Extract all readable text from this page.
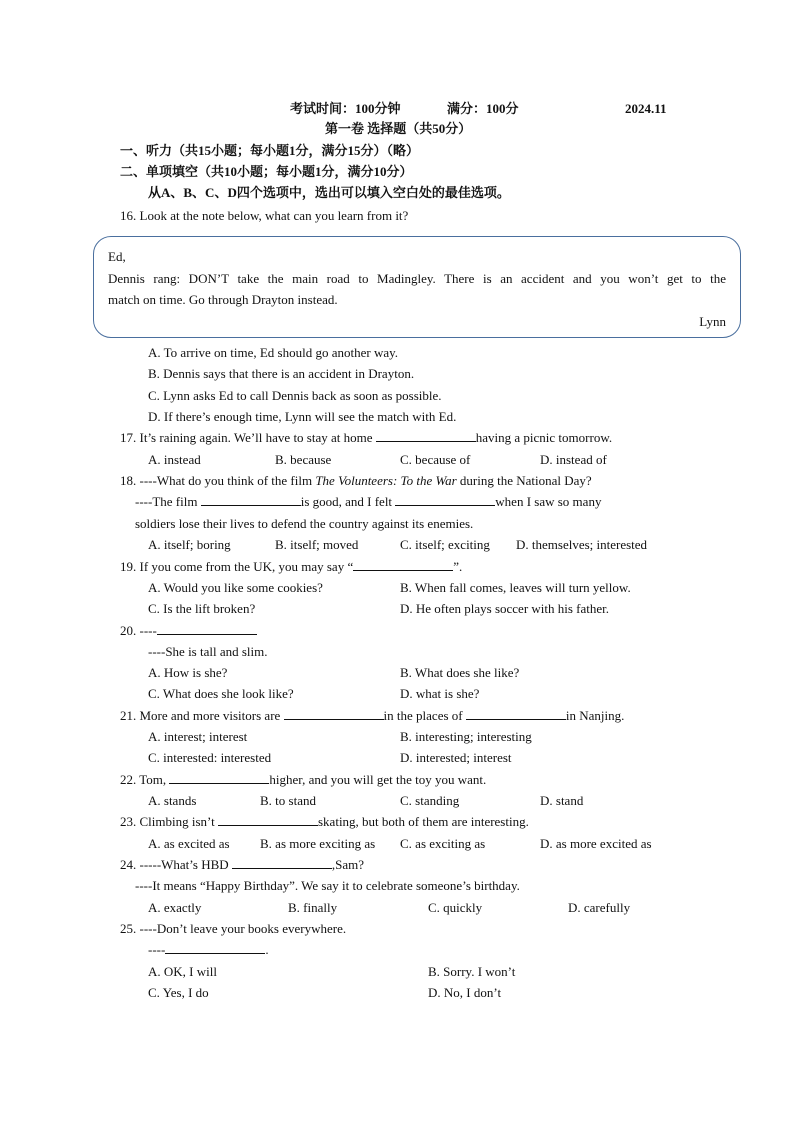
考试时间：100分钟	满分：100分	2024.11
第一卷 选择题（共50分）
一、听力（共15小题；每小题1分，满分15分）（略）
二、单项填空（共10小题；每小题1分，满分10分）
从A、B、C、D四个选项中，选出可以填入空白处的最佳选项。
16. Look at the note below, what can you learn from it?
Ed,
Dennis rang: DON’T take the main road to Madingley. There is an accident and you won’t get to the
match on time. Go through Drayton instead.
Lynn
A. To arrive on time, Ed should go another way.
B. Dennis says that there is an accident in Drayton.
C. Lynn asks Ed to call Dennis back as soon as possible.
D. If there’s enough time, Lynn will see the match with Ed.
17. It’s raining again. We’ll have to stay at home	having a picnic tomorrow.
A. instead	B. because	C. because of	D. instead of
18. ----What do you think of the film The Volunteers: To the War during the National Day?
----The film	is good, and I felt	when I saw so many
soldiers lose their lives to defend the country against its enemies.
A. itself; boring	B. itself; moved	C. itself; exciting D. themselves; interested
19. If you come from the UK, you may say “	”.
A. Would you like some cookies?	B. When fall comes, leaves will turn yellow.
C. Is the lift broken?	D. He often plays soccer with his father.
20. ----
----She is tall and slim.
A. How is she?	B. What does she like?
C. What does she look like?	D. what is she?
21. More and more visitors are	in the places of	in Nanjing.
A. interest; interest	B. interesting; interesting
C. interested: interested	D. interested; interest
22. Tom,	higher, and you will get the toy you want.
A. stands	B. to stand	C. standing	D. stand
23. Climbing isn’t	skating, but both of them are interesting.
A. as excited as B. as more exciting as C. as exciting as	D. as more excited as
24. -----What’s HBD	,Sam?
----It means “Happy Birthday”. We say it to celebrate someone’s birthday.
A. exactly	B. finally	C. quickly	D. carefully
25. ----Don’t leave your books everywhere.
----	.
A. OK, I will	B. Sorry. I won’t
C. Yes, I do	D. No, I don’t
